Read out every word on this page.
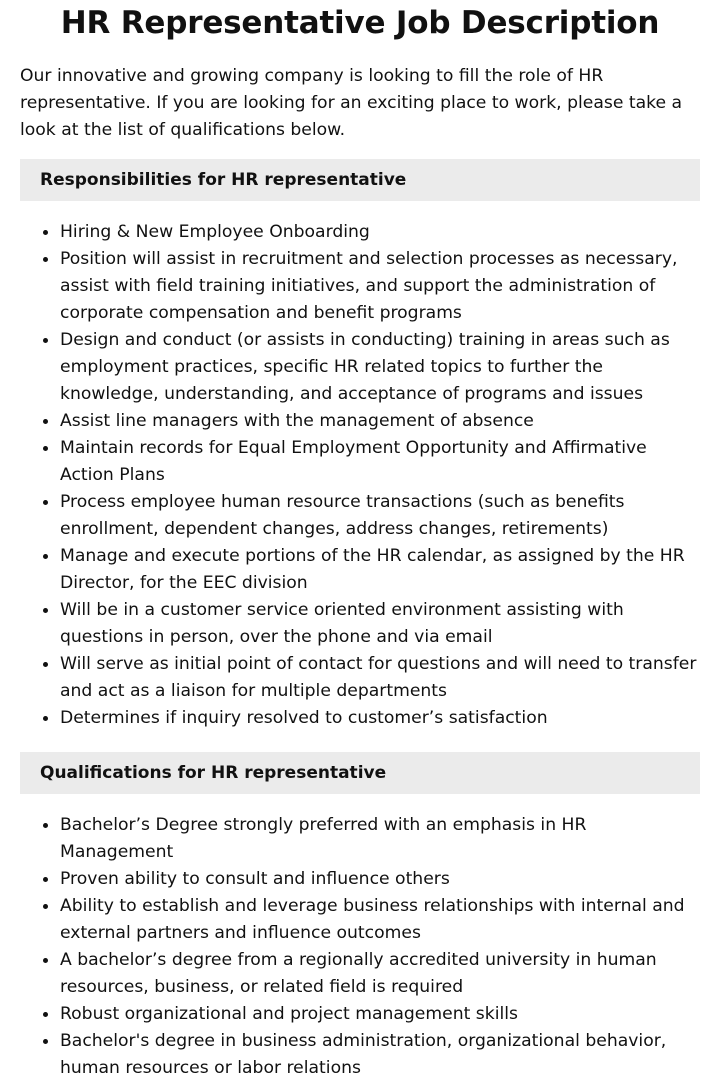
HR Representative Job Description

Our innovative and growing company is looking to fill the role of HR representative. If you are looking for an exciting place to work, please take a look at the list of qualifications below.

Responsibilities for HR representative
Hiring & New Employee Onboarding
Position will assist in recruitment and selection processes as necessary, assist with field training initiatives, and support the administration of corporate compensation and benefit programs
Design and conduct (or assists in conducting) training in areas such as employment practices, specific HR related topics to further the knowledge, understanding, and acceptance of programs and issues
Assist line managers with the management of absence
Maintain records for Equal Employment Opportunity and Affirmative Action Plans
Process employee human resource transactions (such as benefits enrollment, dependent changes, address changes, retirements)
Manage and execute portions of the HR calendar, as assigned by the HR Director, for the EEC division
Will be in a customer service oriented environment assisting with questions in person, over the phone and via email
Will serve as initial point of contact for questions and will need to transfer and act as a liaison for multiple departments
Determines if inquiry resolved to customer’s satisfaction
Qualifications for HR representative
Bachelor’s Degree strongly preferred with an emphasis in HR Management
Proven ability to consult and influence others
Ability to establish and leverage business relationships with internal and external partners and influence outcomes
A bachelor’s degree from a regionally accredited university in human resources, business, or related field is required
Robust organizational and project management skills
Bachelor's degree in business administration, organizational behavior, human resources or labor relations
